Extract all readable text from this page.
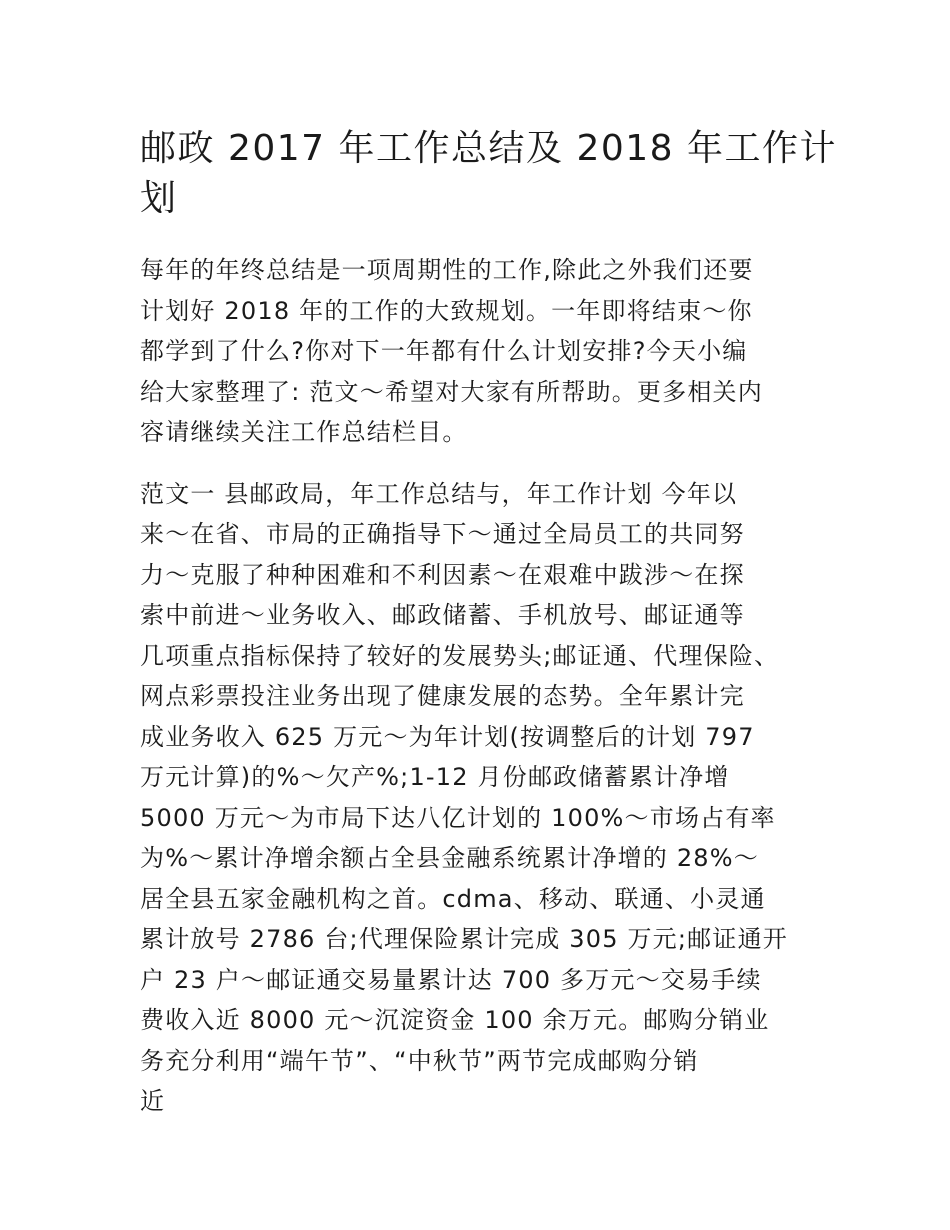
邮政 2017 年工作总结及 2018 年工作计
划

每年的年终总结是一项周期性的工作,除此之外我们还要
计划好 2018 年的工作的大致规划。一年即将结束～你
都学到了什么?你对下一年都有什么计划安排?今天小编
给大家整理了: 范文～希望对大家有所帮助。更多相关内
容请继续关注工作总结栏目。

范文一 县邮政局，年工作总结与，年工作计划 今年以
来～在省、市局的正确指导下～通过全局员工的共同努
力～克服了种种困难和不利因素～在艰难中跋涉～在探
索中前进～业务收入、邮政储蓄、手机放号、邮证通等
几项重点指标保持了较好的发展势头;邮证通、代理保险、
网点彩票投注业务出现了健康发展的态势。全年累计完
成业务收入 625 万元～为年计划(按调整后的计划 797
万元计算)的%～欠产%;1-12 月份邮政储蓄累计净增
5000 万元～为市局下达八亿计划的 100%～市场占有率
为%～累计净增余额占全县金融系统累计净增的 28%～
居全县五家金融机构之首。cdma、移动、联通、小灵通
累计放号 2786 台;代理保险累计完成 305 万元;邮证通开
户 23 户～邮证通交易量累计达 700 多万元～交易手续
费收入近 8000 元～沉淀资金 100 余万元。邮购分销业
务充分利用“端午节”、“中秋节”两节完成邮购分销
近
